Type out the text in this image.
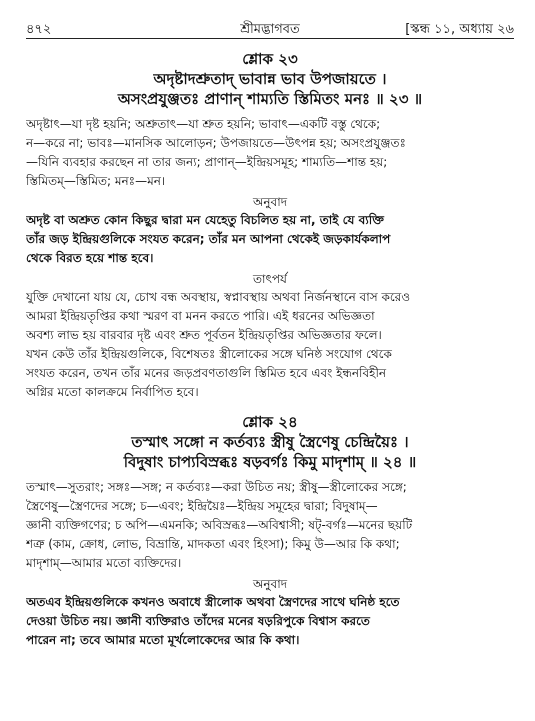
৪৭২	শ্রীমদ্ভাগবত	[স্কন্ধ ১১, অধ্যায় ২৬
শ্লোক ২৩
অদৃষ্টাদশ্রুতাদ্ ভাবান্ন ভাব উপজায়তে ।
অসংপ্রযুঞ্জতঃ প্রাণান্ শাম্যতি স্তিমিতং মনঃ ॥ ২৩ ॥
অদৃষ্টাৎ—যা দৃষ্ট হয়নি; অশ্রুতাৎ—যা শ্রুত হয়নি; ভাবাৎ—একটি বস্তু থেকে;
ন—করে না; ভাবঃ—মানসিক আলোড়ন; উপজায়তে—উৎপন্ন হয়; অসংপ্রযুঞ্জতঃ
—যিনি ব্যবহার করছেন না তার জন্য; প্রাণান্—ইন্দ্রিয়সমূহ; শাম্যতি—শান্ত হয়;
স্তিমিতম্—স্তিমিত; মনঃ—মন।
অনুবাদ
অদৃষ্ট বা অশ্রুত কোন কিছুর দ্বারা মন যেহেতু বিচলিত হয় না, তাই যে ব্যক্তি
তাঁর জড় ইন্দ্রিয়গুলিকে সংযত করেন; তাঁর মন আপনা থেকেই জড়কার্যকলাপ
থেকে বিরত হয়ে শান্ত হবে।
তাৎপর্য
যুক্তি দেখানো যায় যে, চোখ বন্ধ অবস্থায়, স্বপ্নাবস্থায় অথবা নির্জনস্থানে বাস করেও
আমরা ইন্দ্রিয়তৃপ্তির কথা স্মরণ বা মনন করতে পারি। এই ধরনের অভিজ্ঞতা
অবশ্য লাভ হয় বারবার দৃষ্ট এবং শ্রুত পূর্বতন ইন্দ্রিয়তৃপ্তির অভিজ্ঞতার ফলে।
যখন কেউ তাঁর ইন্দ্রিয়গুলিকে, বিশেষতঃ স্ত্রীলোকের সঙ্গে ঘনিষ্ঠ সংযোগ থেকে
সংযত করেন, তখন তাঁর মনের জড়প্রবণতাগুলি স্তিমিত হবে এবং ইন্ধনবিহীন
অগ্নির মতো কালক্রমে নির্বাপিত হবে।
শ্লোক ২৪
তস্মাৎ সঙ্গো ন কর্তব্যঃ স্ত্রীষু স্ত্রৈণেষু চেন্দ্রিয়ৈঃ ।
বিদুষাং চাপ্যবিস্রব্ধঃ ষড়বর্গঃ কিমু মাদৃশাম্ ॥ ২৪ ॥
তস্মাৎ—সুতরাং; সঙ্গঃ—সঙ্গ; ন কর্তব্যঃ—করা উচিত নয়; স্ত্রীষু—স্ত্রীলোকের সঙ্গে;
স্ত্রৈণেষু—স্ত্রৈণদের সঙ্গে; চ—এবং; ইন্দ্রিয়ৈঃ—ইন্দ্রিয় সমূহের দ্বারা; বিদুষাম্—
জ্ঞানী ব্যক্তিগণের; চ অপি—এমনকি; অবিস্রব্ধঃ—অবিশ্বাসী; ষট্-বর্গঃ—মনের ছয়টি
শত্রু (কাম, ক্রোধ, লোভ, বিভ্রান্তি, মাদকতা এবং হিংসা); কিমু উ—আর কি কথা;
মাদৃশাম্—আমার মতো ব্যক্তিদের।
অনুবাদ
অতএব ইন্দ্রিয়গুলিকে কখনও অবাধে স্ত্রীলোক অথবা স্ত্রৈণদের সাথে ঘনিষ্ঠ হতে
দেওয়া উচিত নয়। জ্ঞানী ব্যক্তিরাও তাঁদের মনের ষড়রিপুকে বিশ্বাস করতে
পারেন না; তবে আমার মতো মূর্খলোকেদের আর কি কথা।
